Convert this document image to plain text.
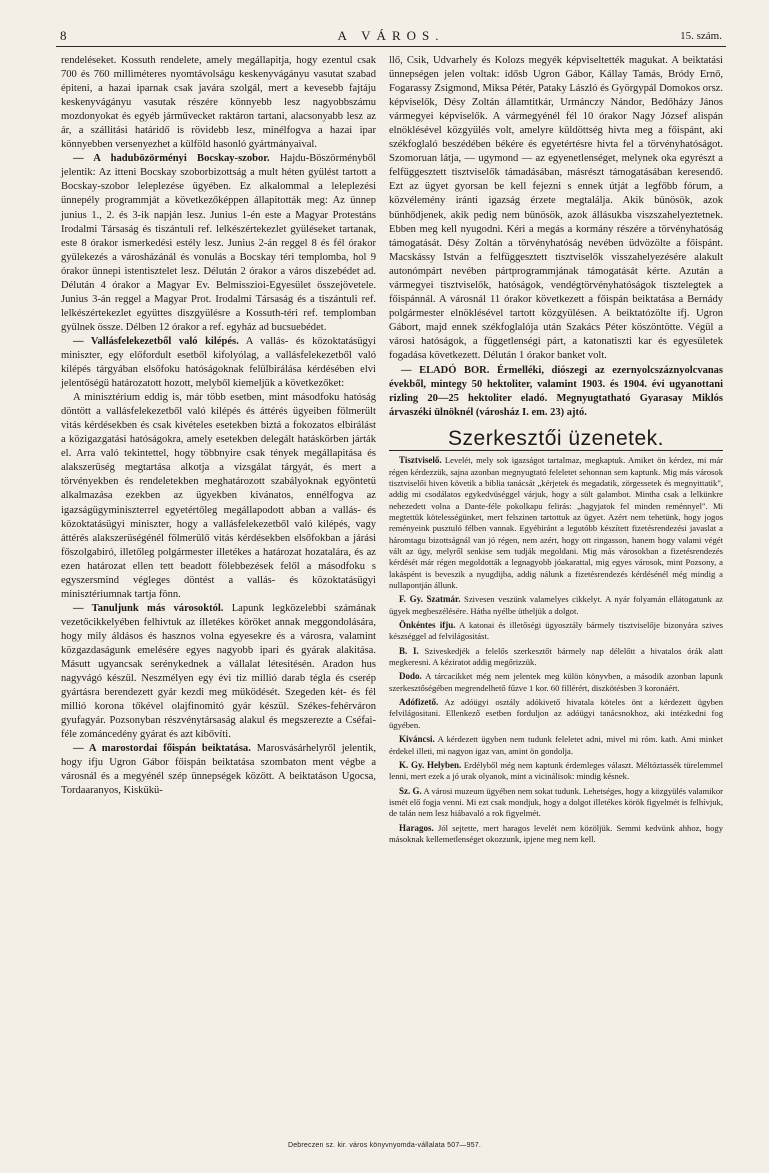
8	A VÁROS.	15. szám.

rendeléseket. Kossuth rendelete, amely megállapitja, hogy ezentul csak 700 és 760 milliméteres nyomtávolságu keskenyvágányu vasutat szabad épiteni, a hazai iparnak csak javára szolgál, mert a kevesebb fajtáju keskenyvágányu vasutak részére könnyebb lesz nagyobbszámu mozdonyokat és egyéb járművecket raktáron tartani, alacsonyabb lesz az ár, a szállitási határidő is rövidebb lesz, minélfogva a hazai ipar könnyebben versenyezhet a külföld hasonló gyártmányaival.

— A hadubözörményi Bocskay-szobor. Hajdu-Böszörményből jelentik: Az itteni Bocskay szoborbizottság a mult héten gyülést tartott a Bocskay-szobor leleplezése ügyében. Ez alkalommal a leleplezési ünnepély programmját a következőképpen állapitották meg: Az ünnep junius 1., 2. és 3-ik napján lesz. Junius 1-én este a Magyar Protestáns Irodalmi Társaság és tiszántuli ref. lelkészértekezlet gyüléseket tartanak, este 8 órakor ismerkedési estély lesz. Junius 2-án reggel 8 és fél órakor gyülekezés a városházánál és vonulás a Bocskay téri templomba, hol 9 órakor ünnepi istentisztelet lesz. Délután 2 órakor a város diszebédet ad. Délután 4 órakor a Magyar Ev. Belmisszioi-Egyesület összejövetele. Junius 3-án reggel a Magyar Prot. Irodalmi Társaság és a tiszántuli ref. lelkészértekezlet együttes diszgyülésre a Kossuth-téri ref. templomban gyülnek össze. Délben 12 órakor a ref. egyház ad bucsuebédet.

— Vallásfelekezetből való kilépés. A vallás- és közoktatásügyi miniszter, egy előfordult esetből kifolyólag, a vallásfelekezetből való kilépés tárgyában elsőfoku hatóságoknak felülbirálása kérdésében elvi jelentőségü határozatott hozott, melyből kiemeljük a következőket:

A minisztérium eddig is, már több esetben, mint másodfoku hatóság döntött a vallásfelekezetből való kilépés és áttérés ügyeiben fölmerült vitás kérdésekben és csak kivételes esetekben biztá a fokozatos elbirálást a közigazgatási hatóságokra, amely esetekben delegált hatáskörben járták el. Arra való tekintettel, hogy többnyire csak tények megállapitása és alakszerüség megtartása alkotja a vizsgálat tárgyát, és mert a törvényekben és rendeletekben meghatározott szabályoknak egyöntetü alkalmazása ezekben az ügyekben kivánatos, ennélfogva az igazságügyminiszterrel egyetértőleg megállapodott abban a vallás- és közoktatásügyi miniszter, hogy a vallásfelekezetből való kilépés, vagy áttérés alakszerüségénél fölmerülő vitás kérdésekben elsőfokban a járási főszolgabiró, illetőleg polgármester illetékes a határozat hozatalára, és az ezen határozat ellen tett beadott fölebbezések felől a másodfoku s egyszersmind végleges döntést a vallás- és közoktatásügyi minisztériumnak tartja fönn.

— Tanuljunk más városoktól. Lapunk legközelebbi számának vezetőcikkelyében felhivtuk az illetékes köröket annak meggondolására, hogy mily áldásos és hasznos volna egyesekre és a városra, valamint közgazdaságunk emelésére egyes nagyobb ipari és gyárak alakitása. Másutt ugyancsak serénykednek a vállalat létesitésén. Aradon hus nagyvágó készül. Neszmélyen egy évi tiz millió darab tégla és cserép gyártásra berendezett gyár kezdi meg müködését. Szegeden két- és fél millió korona tőkével olajfinomitó gyár készül. Székes-fehérváron gyufagyár. Pozsonyban részvénytársaság alakul és megszerezte a Cséfai-féle zománcedény gyárat és azt kibővíti.

— A marostordai főispán beiktatása. Marosvásárhelyről jelentik, hogy ifju Ugron Gábor főispán beiktatása szombaton ment végbe a városnál és a megyénél szép ünnepségek között. A beiktatáson Ugocsa, Tordaaranyos, Kiskükü-

llő, Csik, Udvarhely és Kolozs megyék képviseltették magukat. A beiktatási ünnepségen jelen voltak: idősb Ugron Gábor, Kállay Tamás, Bródy Ernő, Fogarassy Zsigmond, Miksa Pétér, Pataky László és Györgypál Domokos orsz. képviselők, Désy Zoltán államtitkár, Urmánczy Nándor, Bedőházy János vármegyei képviselők. A vármegyénél fél 10 órakor Nagy József alispán elnöklésével közgyülés volt, amelyre küldöttség hivta meg a főispánt, aki székfoglaló beszédében békére és egyetértésre hivta fel a törvényhatóságot. Szomoruan látja, — ugymond — az egyenetlenséget, melynek oka egyrészt a felfüggesztett tisztviselők támadásában, másrészt támogatásában keresendő. Ezt az ügyet gyorsan be kell fejezni s ennek útját a legfőbb fórum, a közvélemény iránti igazság érzete megtalálja. Akik bünösök, azok bünhődjenek, akik pedig nem bünösök, azok állásukba viszszahelyeztetnek. Ebben meg kell nyugodni. Kéri a megás a kormány részére a törvényhatóság támogatását. Désy Zoltán a törvényhatóság nevében üdvözölte a főispánt. Macskássy István a felfüggesztett tisztviselők visszahelyezésére alakult autonómpárt nevében pártprogrammjának támogatását kérte. Azután a vármegyei tisztviselők, hatóságok, vendégtörvényhatóságok tisztelegtek a főispánnál. A városnál 11 órakor következett a főispán beiktatása a Bernády polgármester elnöklésével tartott közgyülésen. A beiktatózölte ifj. Ugron Gábort, majd ennek székfoglalója után Szakács Péter köszöntötte. Végül a városi hatóságok, a függetlenségi párt, a katonatiszti kar és egyesületek fogadása következett. Délután 1 órakor banket volt.

— ELADÓ BOR. Érmelléki, diószegi az ezernyolcszáznyolcvanas évekből, mintegy 50 hektoliter, valamint 1903. és 1904. évi ugyanottani rizling 20—25 hektoliter eladó. Megnyugtatható Gyarasay Miklós árvaszéki ülnöknél (városház I. em. 23) ajtó.

Szerkesztői üzenetek.

Tisztviselő. Levelét, mely sok igazságot tartalmaz, megkaptuk. Amiket ön kérdez, mi már régen kérdezzük, sajna azonban megnyugtató feleletet sehonnan sem kaptunk. Mig más városok tisztviselői hiven követik a biblia tanácsát „kérjetek és megadatik, zörgessetek és megnyittatik", addig mi csodálatos egykedvüséggel várjuk, hogy a sült galambot. Mintha csak a lelkünkre nehezedett volna a Dante-féle pokolkapu felirás: „hagyjatok fel minden reménnyel". Mi megtettük kötelességünket, mert felszinen tartottuk az ügyet. Azért nem tehetünk, hogy jogos reményeink pusztuló félben vannak. Egyébiránt a legutóbb készített fizetésrendezési javaslat a háromtagu bizottságnál van jó régen, nem azért, hogy ott ringasson, hanem hogy valami végét vált az ügy, melyről senkise sem tudják megoldani. Mig más városokban a fizetésrendezés kérdését már régen megoldották a legnagyobb jóakarattal, mig egyes városok, mint Pozsony, a lakáspént is beveszik a nyugdijba, addig nálunk a fizetésrendezés kérdésénél még mindig a nullapontján állunk.

F. Gy. Szatmár. Szivesen veszünk valamelyes cikkelyt. A nyár folyamán ellátogatunk az ügyek megbeszélésére. Hátha nyélbe ütheljük a dolgot.

Önkéntes ifju. A katonai és illetőségi ügyosztály bármely tisztviselője bizonyára szives készséggel ad felvilágositást.

B. I. Sziveskedjék a felelős szerkesztőt bármely nap délelőtt a hivatalos órák alatt megkeresni. A kéziratot addig megőrizzük.

Dodo. A tárcacikket még nem jelentek meg külön könyvben, a második azonban lapunk szerkesztőségében megrendelhető fűzve 1 kor. 60 fillérért, diszkötésben 3 koronáért.

Adófizető. Az adóügyi osztály adókivető hivatala köteles önt a kérdezett ügyben felvilágositani. Ellenkező esetben forduljon az adóügyi tanácsnokhoz, aki intézkedni fog ügyében.

Kiváncsi. A kérdezett ügyben nem tudunk feleletet adni, mivel mi róm. kath. Ami minket érdekel illeti, mi nagyon igaz van, amint ön gondolja.

K. Gy. Helyben. Erdélyből még nem kaptunk érdemleges választ. Méltóztassék türelemmel lenni, mert ezek a jó urak olyanok, mint a vicinálisok: mindig késnek.

Sz. G. A városi muzeum ügyében nem sokat tudunk. Lehetséges, hogy a közgyülés valamikor ismét elő fogja venni. Mi ezt csak mondjuk, hogy a dolgot illetékes körök figyelmét is felhívjuk, de talán nem lesz hiábavaló a rok figyelmét.

Haragos. Jól sejtette, mert haragos levelét nem közöljük. Semmi kedvünk ahhoz, hogy másoknak kellemetlenséget okozzunk, ipjene meg nem kell.

Debreczen sz. kir. város könyvnyomda-vállalata 507—957.
